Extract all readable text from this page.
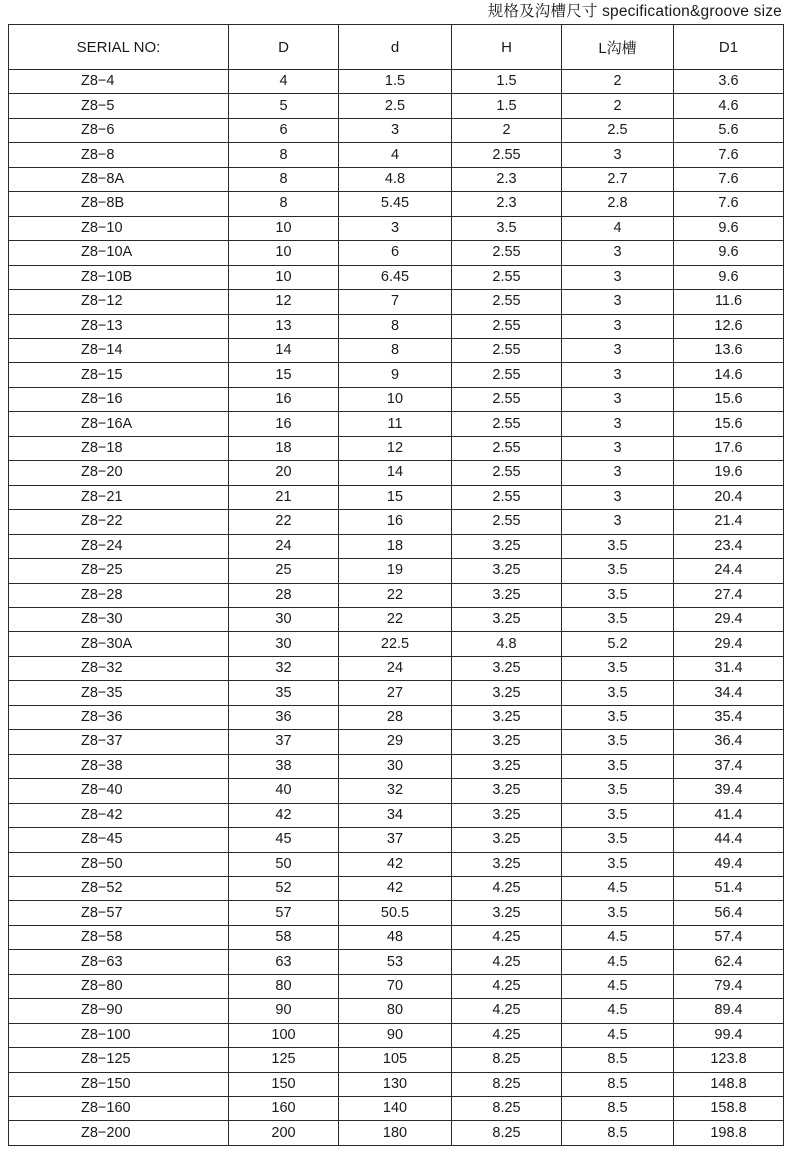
规格及沟槽尺寸 specification&groove size
SERIAL NO:	D	d	H	L沟槽	D1
Z8−4	4	1.5	1.5	2	3.6
Z8−5	5	2.5	1.5	2	4.6
Z8−6	6	3	2	2.5	5.6
Z8−8	8	4	2.55	3	7.6
Z8−8A	8	4.8	2.3	2.7	7.6
Z8−8B	8	5.45	2.3	2.8	7.6
Z8−10	10	3	3.5	4	9.6
Z8−10A	10	6	2.55	3	9.6
Z8−10B	10	6.45	2.55	3	9.6
Z8−12	12	7	2.55	3	11.6
Z8−13	13	8	2.55	3	12.6
Z8−14	14	8	2.55	3	13.6
Z8−15	15	9	2.55	3	14.6
Z8−16	16	10	2.55	3	15.6
Z8−16A	16	11	2.55	3	15.6
Z8−18	18	12	2.55	3	17.6
Z8−20	20	14	2.55	3	19.6
Z8−21	21	15	2.55	3	20.4
Z8−22	22	16	2.55	3	21.4
Z8−24	24	18	3.25	3.5	23.4
Z8−25	25	19	3.25	3.5	24.4
Z8−28	28	22	3.25	3.5	27.4
Z8−30	30	22	3.25	3.5	29.4
Z8−30A	30	22.5	4.8	5.2	29.4
Z8−32	32	24	3.25	3.5	31.4
Z8−35	35	27	3.25	3.5	34.4
Z8−36	36	28	3.25	3.5	35.4
Z8−37	37	29	3.25	3.5	36.4
Z8−38	38	30	3.25	3.5	37.4
Z8−40	40	32	3.25	3.5	39.4
Z8−42	42	34	3.25	3.5	41.4
Z8−45	45	37	3.25	3.5	44.4
Z8−50	50	42	3.25	3.5	49.4
Z8−52	52	42	4.25	4.5	51.4
Z8−57	57	50.5	3.25	3.5	56.4
Z8−58	58	48	4.25	4.5	57.4
Z8−63	63	53	4.25	4.5	62.4
Z8−80	80	70	4.25	4.5	79.4
Z8−90	90	80	4.25	4.5	89.4
Z8−100	100	90	4.25	4.5	99.4
Z8−125	125	105	8.25	8.5	123.8
Z8−150	150	130	8.25	8.5	148.8
Z8−160	160	140	8.25	8.5	158.8
Z8−200	200	180	8.25	8.5	198.8
